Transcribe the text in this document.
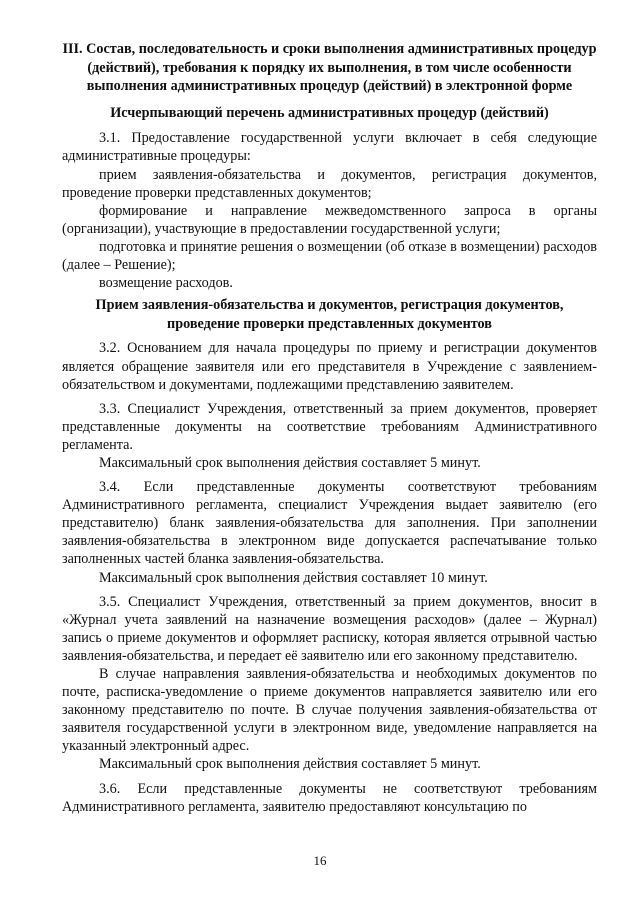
III. Состав, последовательность и сроки выполнения административных процедур (действий), требования к порядку их выполнения, в том числе особенности выполнения административных процедур (действий) в электронной форме
Исчерпывающий перечень административных процедур (действий)

3.1. Предоставление государственной услуги включает в себя следующие административные процедуры:

прием заявления-обязательства и документов, регистрация документов, проведение проверки представленных документов;

формирование и направление межведомственного запроса в органы (организации), участвующие в предоставлении государственной услуги;

подготовка и принятие решения о возмещении (об отказе в возмещении) расходов (далее – Решение);

возмещение расходов.

Прием заявления-обязательства и документов, регистрация документов, проведение проверки представленных документов

3.2. Основанием для начала процедуры по приему и регистрации документов является обращение заявителя или его представителя в Учреждение с заявлением-обязательством и документами, подлежащими представлению заявителем.

3.3. Специалист Учреждения, ответственный за прием документов, проверяет представленные документы на соответствие требованиям Административного регламента.

Максимальный срок выполнения действия составляет 5 минут.

3.4. Если представленные документы соответствуют требованиям Административного регламента, специалист Учреждения выдает заявителю (его представителю) бланк заявления-обязательства для заполнения. При заполнении заявления-обязательства в электронном виде допускается распечатывание только заполненных частей бланка заявления-обязательства.

Максимальный срок выполнения действия составляет 10 минут.

3.5. Специалист Учреждения, ответственный за прием документов, вносит в «Журнал учета заявлений на назначение возмещения расходов» (далее – Журнал) запись о приеме документов и оформляет расписку, которая является отрывной частью заявления-обязательства, и передает её заявителю или его законному представителю.

В случае направления заявления-обязательства и необходимых документов по почте, расписка-уведомление о приеме документов направляется заявителю или его законному представителю по почте. В случае получения заявления-обязательства от заявителя государственной услуги в электронном виде, уведомление направляется на указанный электронный адрес.

Максимальный срок выполнения действия составляет 5 минут.

3.6. Если представленные документы не соответствуют требованиям Административного регламента, заявителю предоставляют консультацию по

16
